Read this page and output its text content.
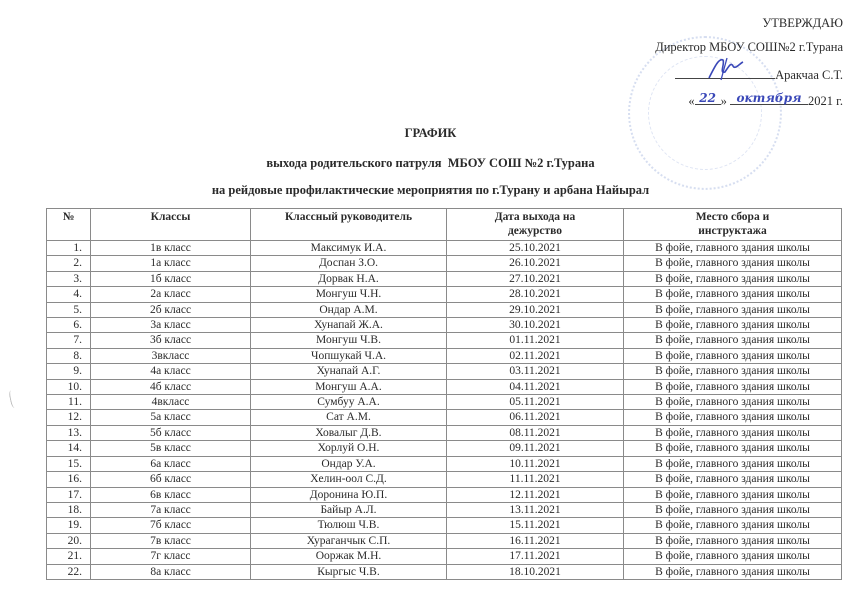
УТВЕРЖДАЮ
Директор МБОУ СОШ№2 г.Турана
Аракчаа С.Т.
« 22 » октября 2021 г.
ГРАФИК
выхода родительского патруля  МБОУ СОШ №2 г.Турана
на рейдовые профилактические мероприятия по г.Турану и арбана Найырал
№	Классы	Классный руководитель	Дата выхода на дежурство	Место сбора и инструктажа
1.	1в класс	Максимук И.А.	25.10.2021	В фойе, главного здания школы
2.	1а класс	Доспан З.О.	26.10.2021	В фойе, главного здания школы
3.	1б класс	Дорвак Н.А.	27.10.2021	В фойе, главного здания школы
4.	2а класс	Монгуш Ч.Н.	28.10.2021	В фойе, главного здания школы
5.	2б класс	Ондар А.М.	29.10.2021	В фойе, главного здания школы
6.	3а класс	Хунапай Ж.А.	30.10.2021	В фойе, главного здания школы
7.	3б класс	Монгуш Ч.В.	01.11.2021	В фойе, главного здания школы
8.	3вкласс	Чопшукай Ч.А.	02.11.2021	В фойе, главного здания школы
9.	4а класс	Хунапай А.Г.	03.11.2021	В фойе, главного здания школы
10.	4б класс	Монгуш А.А.	04.11.2021	В фойе, главного здания школы
11.	4вкласс	Сумбуу А.А.	05.11.2021	В фойе, главного здания школы
12.	5а класс	Сат А.М.	06.11.2021	В фойе, главного здания школы
13.	5б класс	Ховалыг Д.В.	08.11.2021	В фойе, главного здания школы
14.	5в класс	Хорлуй О.Н.	09.11.2021	В фойе, главного здания школы
15.	6а класс	Ондар У.А.	10.11.2021	В фойе, главного здания школы
16.	6б класс	Хелин-оол С.Д.	11.11.2021	В фойе, главного здания школы
17.	6в класс	Доронина Ю.П.	12.11.2021	В фойе, главного здания школы
18.	7а класс	Байыр А.Л.	13.11.2021	В фойе, главного здания школы
19.	7б класс	Тюлюш Ч.В.	15.11.2021	В фойе, главного здания школы
20.	7в класс	Хураганчык С.П.	16.11.2021	В фойе, главного здания школы
21.	7г класс	Ооржак М.Н.	17.11.2021	В фойе, главного здания школы
22.	8а класс	Кыргыс Ч.В.	18.10.2021	В фойе, главного здания школы
